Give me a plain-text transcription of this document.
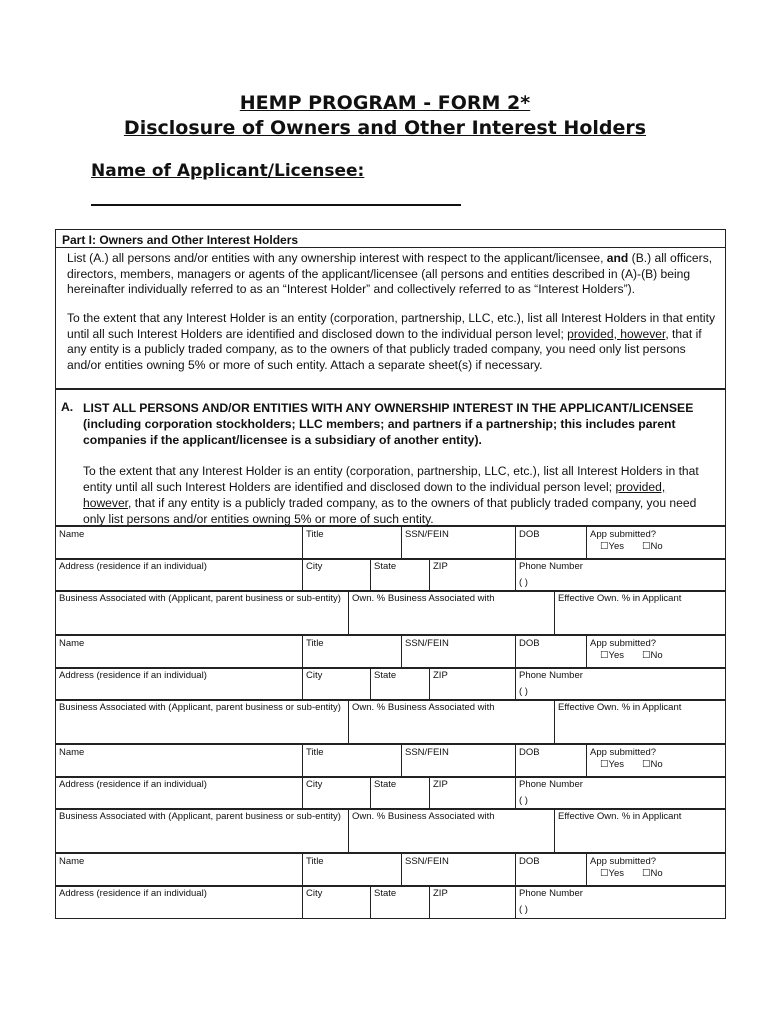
HEMP PROGRAM - FORM 2*
Disclosure of Owners and Other Interest Holders
Name of Applicant/Licensee:
Part I: Owners and Other Interest Holders
List (A.) all persons and/or entities with any ownership interest with respect to the applicant/licensee, and (B.) all officers, directors, members, managers or agents of the applicant/licensee (all persons and entities described in (A)-(B) being hereinafter individually referred to as an “Interest Holder” and collectively referred to as “Interest Holders”).
To the extent that any Interest Holder is an entity (corporation, partnership, LLC, etc.), list all Interest Holders in that entity until all such Interest Holders are identified and disclosed down to the individual person level; provided, however, that if any entity is a publicly traded company, as to the owners of that publicly traded company, you need only list persons and/or entities owning 5% or more of such entity. Attach a separate sheet(s) if necessary.
A. LIST ALL PERSONS AND/OR ENTITIES WITH ANY OWNERSHIP INTEREST IN THE APPLICANT/LICENSEE (including corporation stockholders; LLC members; and partners if a partnership; this includes parent companies if the applicant/licensee is a subsidiary of another entity).
To the extent that any Interest Holder is an entity (corporation, partnership, LLC, etc.), list all Interest Holders in that entity until all such Interest Holders are identified and disclosed down to the individual person level; provided, however, that if any entity is a publicly traded company, as to the owners of that publicly traded company, you need only list persons and/or entities owning 5% or more of such entity.
Name	Title	SSN/FEIN	DOB	App submitted?
☐Yes ☐No
Address (residence if an individual)	City	State	ZIP	Phone Number
( )
Business Associated with (Applicant, parent business or sub-entity)	Own. % Business Associated with	Effective Own. % in Applicant
Name	Title	SSN/FEIN	DOB	App submitted?
☐Yes ☐No
Address (residence if an individual)	City	State	ZIP	Phone Number
( )
Business Associated with (Applicant, parent business or sub-entity)	Own. % Business Associated with	Effective Own. % in Applicant
Name	Title	SSN/FEIN	DOB	App submitted?
☐Yes ☐No
Address (residence if an individual)	City	State	ZIP	Phone Number
( )
Business Associated with (Applicant, parent business or sub-entity)	Own. % Business Associated with	Effective Own. % in Applicant
Name	Title	SSN/FEIN	DOB	App submitted?
☐Yes ☐No
Address (residence if an individual)	City	State	ZIP	Phone Number
( )
